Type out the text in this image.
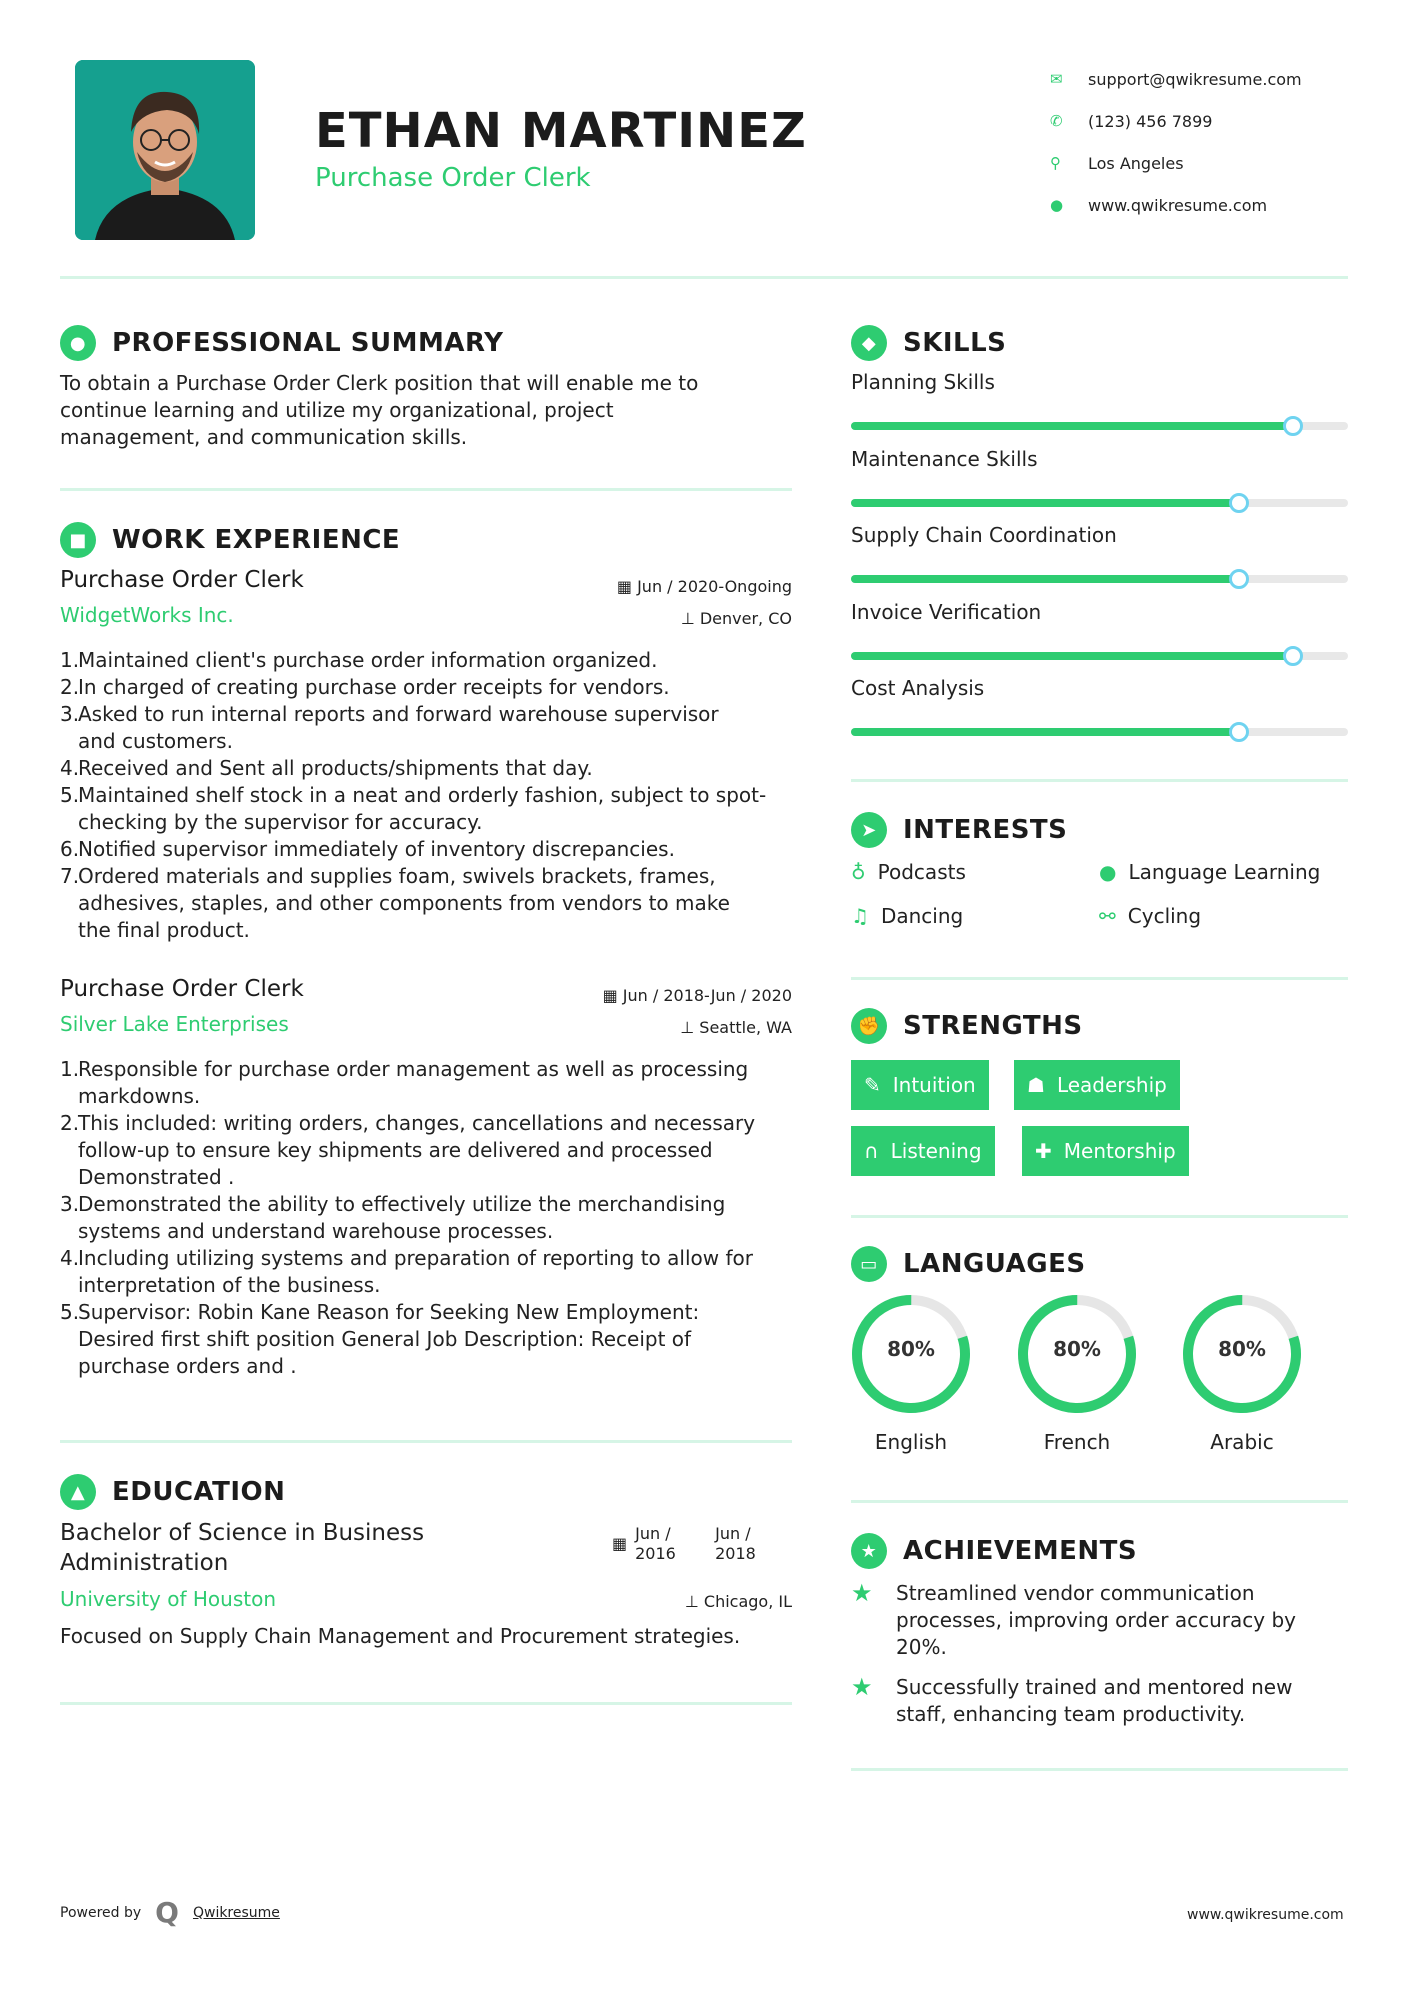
ETHAN MARTINEZ
Purchase Order Clerk
✉	support@qwikresume.com
✆	(123) 456 7899
⚲	Los Angeles
●	www.qwikresume.com
● PROFESSIONAL SUMMARY
To obtain a Purchase Order Clerk position that will enable me to
continue learning and utilize my organizational, project
management, and communication skills.
■ WORK EXPERIENCE
Purchase Order Clerk
WidgetWorks Inc.
▦ Jun / 2020-Ongoing
⊥ Denver, CO
1.
Maintained client's purchase order information organized.
2.
In charged of creating purchase order receipts for vendors.
3.
Asked to run internal reports and forward warehouse supervisor
and customers.
4.
Received and Sent all products/shipments that day.
5.
Maintained shelf stock in a neat and orderly fashion, subject to spot-
checking by the supervisor for accuracy.
6.
Notified supervisor immediately of inventory discrepancies.
7.
Ordered materials and supplies foam, swivels brackets, frames,
adhesives, staples, and other components from vendors to make
the final product.
Purchase Order Clerk
Silver Lake Enterprises
▦ Jun / 2018-Jun / 2020
⊥ Seattle, WA
1.
Responsible for purchase order management as well as processing
markdowns.
2.
This included: writing orders, changes, cancellations and necessary
follow-up to ensure key shipments are delivered and processed
Demonstrated .
3.
Demonstrated the ability to effectively utilize the merchandising
systems and understand warehouse processes.
4.
Including utilizing systems and preparation of reporting to allow for
interpretation of the business.
5.
Supervisor: Robin Kane Reason for Seeking New Employment:
Desired first shift position General Job Description: Receipt of
purchase orders and .
▲	EDUCATION
Bachelor of Science in Business
Administration
▦
Jun /
2016
Jun /
2018
University of Houston	⊥ Chicago, IL
Focused on Supply Chain Management and Procurement strategies.
◆	SKILLS
Planning Skills
Maintenance Skills
Supply Chain Coordination
Invoice Verification
Cost Analysis
➤	INTERESTS
♁ Podcasts	● Language Learning
♫ Dancing	⚯ Cycling
✊ STRENGTHS
✎ Intuition	☗ Leadership
∩ Listening	✚ Mentorship
▭ LANGUAGES
80%
English
80%
French
80%
Arabic
★ ACHIEVEMENTS
★	Streamlined vendor communication
processes, improving order accuracy by
20%.
★	Successfully trained and mentored new
staff, enhancing team productivity.
Powered by Q Qwikresume	www.qwikresume.com
